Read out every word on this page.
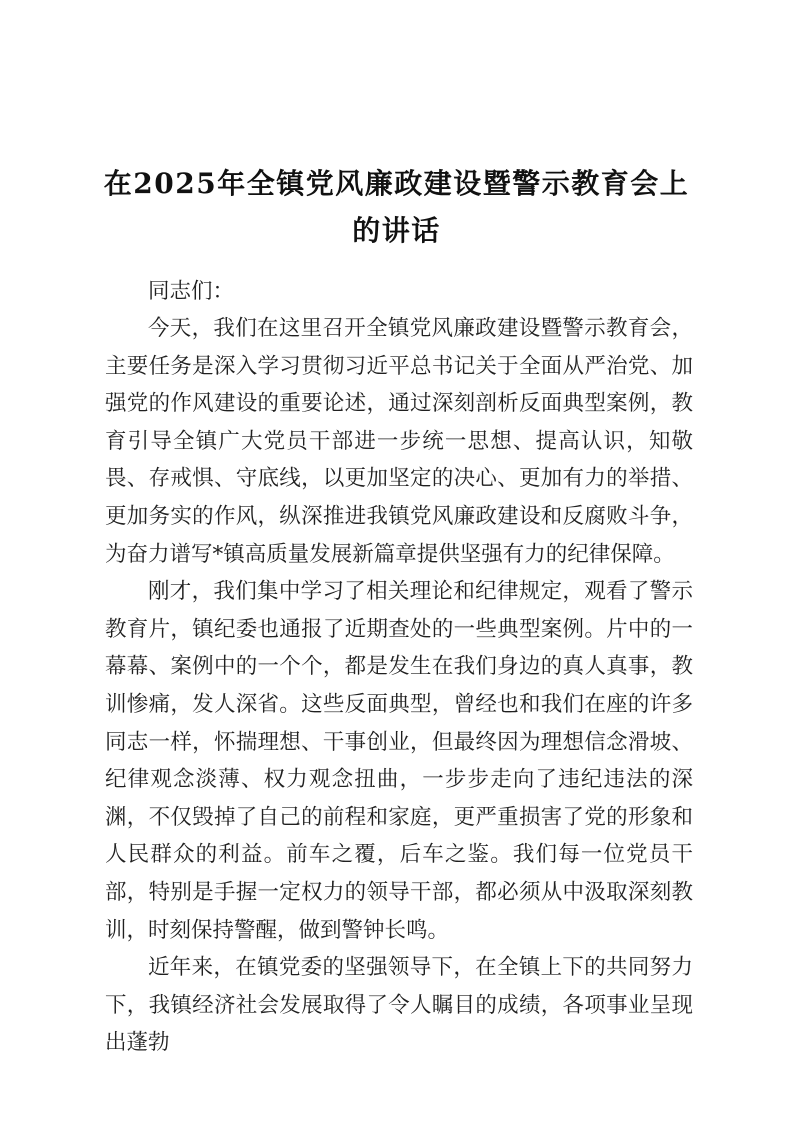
在2025年全镇党风廉政建设暨警示教育会上
的讲话

同志们：

今天，我们在这里召开全镇党风廉政建设暨警示教育会，主要任务是深入学习贯彻习近平总书记关于全面从严治党、加强党的作风建设的重要论述，通过深刻剖析反面典型案例，教育引导全镇广大党员干部进一步统一思想、提高认识，知敬畏、存戒惧、守底线，以更加坚定的决心、更加有力的举措、更加务实的作风，纵深推进我镇党风廉政建设和反腐败斗争，为奋力谱写*镇高质量发展新篇章提供坚强有力的纪律保障。

刚才，我们集中学习了相关理论和纪律规定，观看了警示教育片，镇纪委也通报了近期查处的一些典型案例。片中的一幕幕、案例中的一个个，都是发生在我们身边的真人真事，教训惨痛，发人深省。这些反面典型，曾经也和我们在座的许多同志一样，怀揣理想、干事创业，但最终因为理想信念滑坡、纪律观念淡薄、权力观念扭曲，一步步走向了违纪违法的深渊，不仅毁掉了自己的前程和家庭，更严重损害了党的形象和人民群众的利益。前车之覆，后车之鉴。我们每一位党员干部，特别是手握一定权力的领导干部，都必须从中汲取深刻教训，时刻保持警醒，做到警钟长鸣。

近年来，在镇党委的坚强领导下，在全镇上下的共同努力下，我镇经济社会发展取得了令人瞩目的成绩，各项事业呈现出蓬勃
